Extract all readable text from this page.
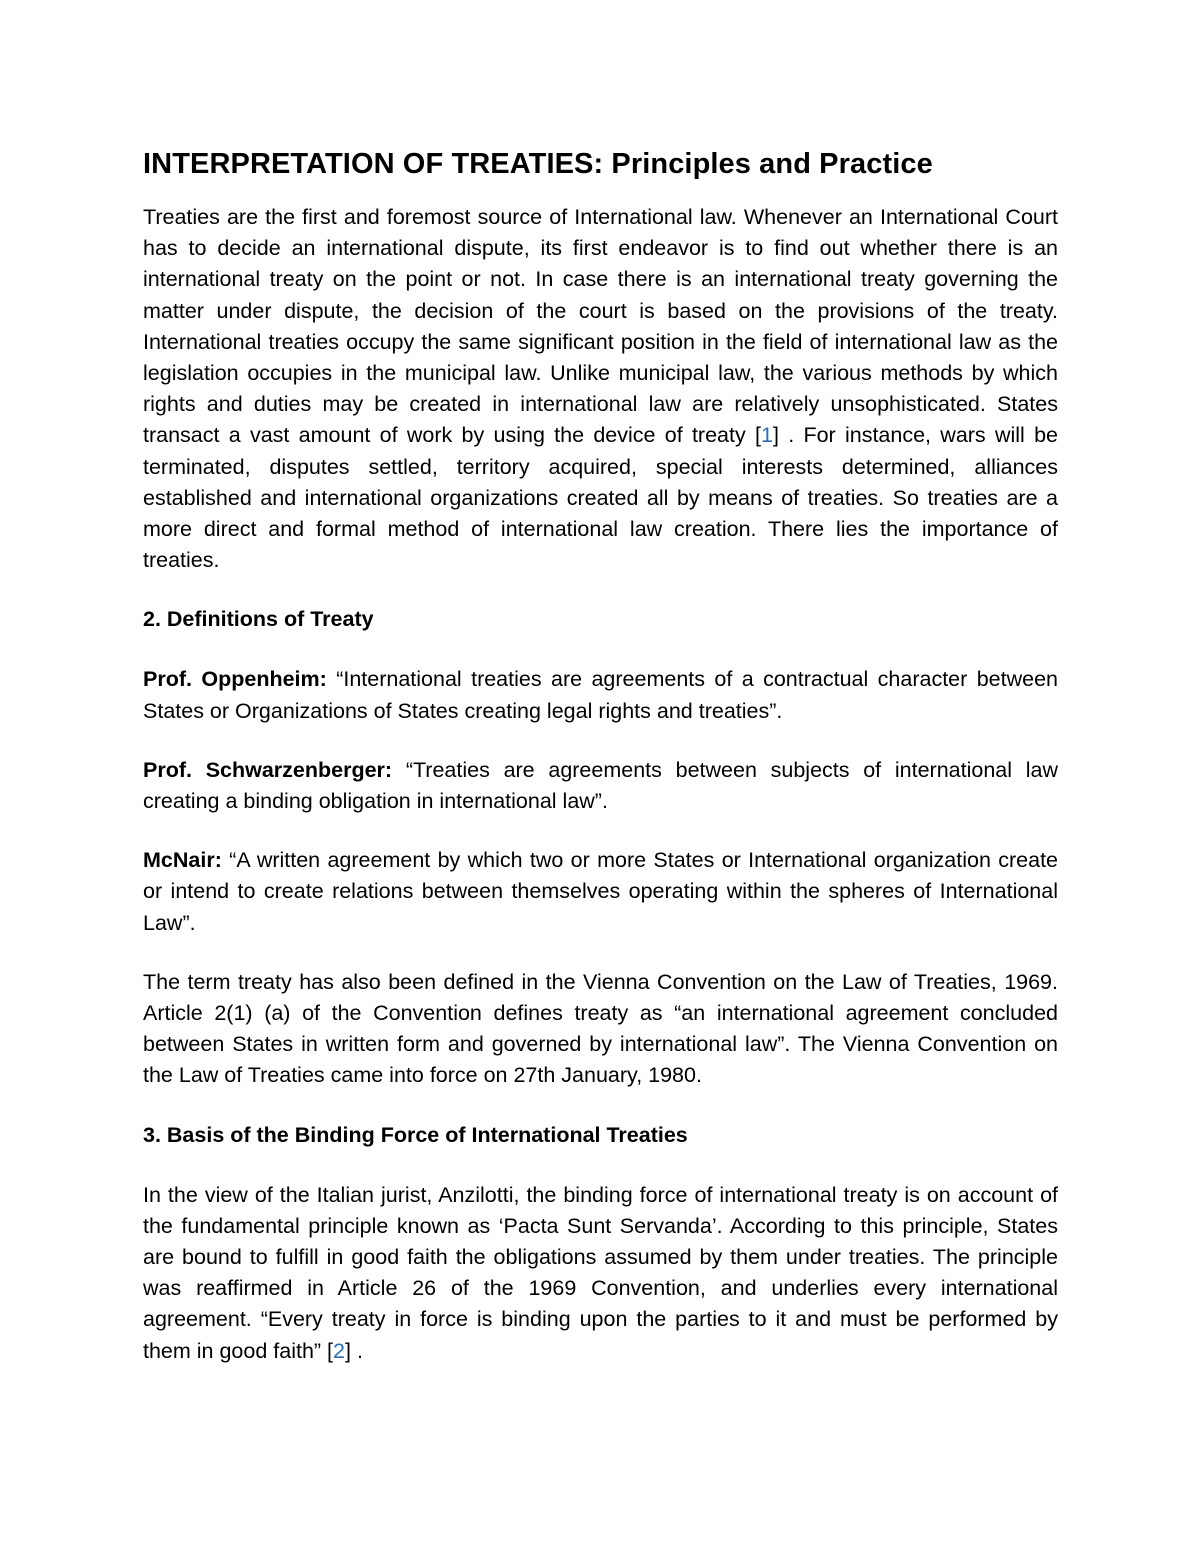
INTERPRETATION OF TREATIES: Principles and Practice

Treaties are the first and foremost source of International law. Whenever an International Court has to decide an international dispute, its first endeavor is to find out whether there is an international treaty on the point or not. In case there is an international treaty governing the matter under dispute, the decision of the court is based on the provisions of the treaty. International treaties occupy the same significant position in the field of international law as the legislation occupies in the municipal law. Unlike municipal law, the various methods by which rights and duties may be created in international law are relatively unsophisticated. States transact a vast amount of work by using the device of treaty [1] . For instance, wars will be terminated, disputes settled, territory acquired, special interests determined, alliances established and international organizations created all by means of treaties. So treaties are a more direct and formal method of international law creation. There lies the importance of treaties.

2. Definitions of Treaty

Prof. Oppenheim: “International treaties are agreements of a contractual character between States or Organizations of States creating legal rights and treaties”.

Prof. Schwarzenberger: “Treaties are agreements between subjects of international law creating a binding obligation in international law”.

McNair: “A written agreement by which two or more States or International organization create or intend to create relations between themselves operating within the spheres of International Law”.

The term treaty has also been defined in the Vienna Convention on the Law of Treaties, 1969. Article 2(1) (a) of the Convention defines treaty as “an international agreement concluded between States in written form and governed by international law”. The Vienna Convention on the Law of Treaties came into force on 27th January, 1980.

3. Basis of the Binding Force of International Treaties

In the view of the Italian jurist, Anzilotti, the binding force of international treaty is on account of the fundamental principle known as ‘Pacta Sunt Servanda’. According to this principle, States are bound to fulfill in good faith the obligations assumed by them under treaties. The principle was reaffirmed in Article 26 of the 1969 Convention, and underlies every international agreement. “Every treaty in force is binding upon the parties to it and must be performed by them in good faith” [2] .
